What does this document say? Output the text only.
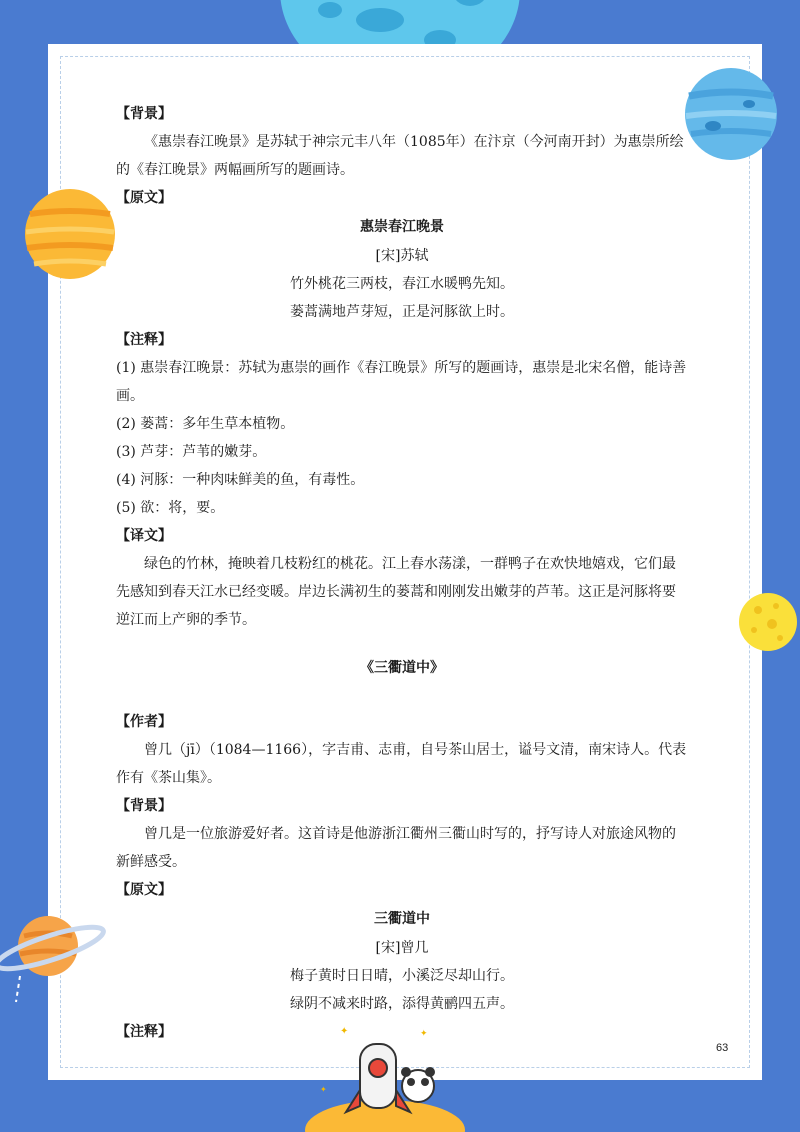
✦	✦
✦
【背景】
《惠崇春江晚景》是苏轼于神宗元丰八年（1085年）在汴京（今河南开封）为惠崇所绘的《春江晚景》两幅画所写的题画诗。
【原文】
惠崇春江晚景
[宋]苏轼
竹外桃花三两枝，春江水暖鸭先知。
蒌蒿满地芦芽短，正是河豚欲上时。
【注释】
(1) 惠崇春江晚景：苏轼为惠崇的画作《春江晚景》所写的题画诗，惠崇是北宋名僧，能诗善画。
(2) 蒌蒿：多年生草本植物。
(3) 芦芽：芦苇的嫩芽。
(4) 河豚：一种肉味鲜美的鱼，有毒性。
(5) 欲：将，要。
【译文】
绿色的竹林，掩映着几枝粉红的桃花。江上春水荡漾，一群鸭子在欢快地嬉戏，它们最先感知到春天江水已经变暖。岸边长满初生的蒌蒿和刚刚发出嫩芽的芦苇。这正是河豚将要逆江而上产卵的季节。
《三衢道中》
【作者】
曾几（jī）（1084—1166），字吉甫、志甫，自号茶山居士，谥号文清，南宋诗人。代表作有《茶山集》。
【背景】
曾几是一位旅游爱好者。这首诗是他游浙江衢州三衢山时写的，抒写诗人对旅途风物的新鲜感受。
【原文】
三衢道中
[宋]曾几
梅子黄时日日晴，小溪泛尽却山行。
绿阴不减来时路，添得黄鹂四五声。
【注释】
63
